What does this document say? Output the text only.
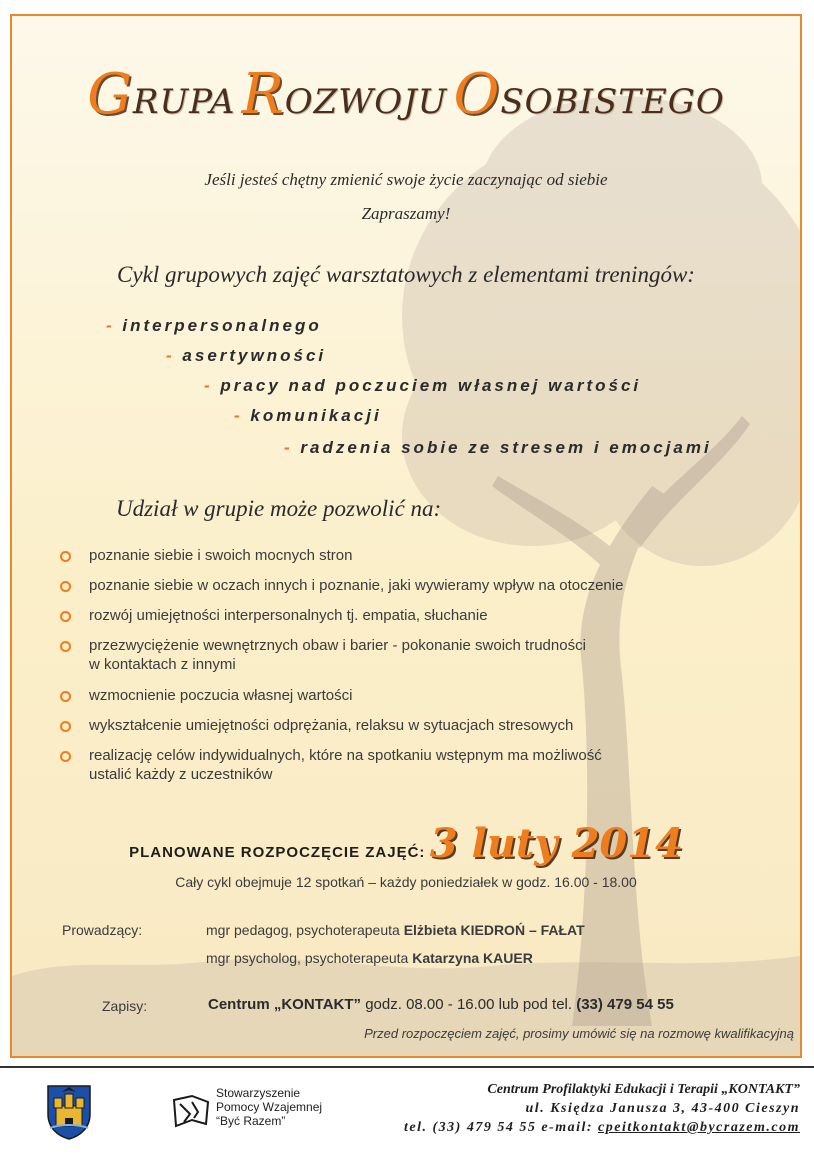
GRUPA ROZWOJU OSOBISTEGO
Jeśli jesteś chętny zmienić swoje życie zaczynając od siebie
Zapraszamy!
Cykl grupowych zajęć warsztatowych z elementami treningów:
- interpersonalnego
- asertywności
- pracy nad poczuciem własnej wartości
- komunikacji
- radzenia sobie ze stresem i emocjami
Udział w grupie może pozwolić na:
poznanie siebie i swoich mocnych stron
poznanie siebie w oczach innych i poznanie, jaki wywieramy wpływ na otoczenie
rozwój umiejętności interpersonalnych tj. empatia, słuchanie
przezwyciężenie wewnętrznych obaw i barier - pokonanie swoich trudności
w kontaktach z innymi
wzmocnienie poczucia własnej wartości
wykształcenie umiejętności odprężania, relaksu w sytuacjach stresowych
realizację celów indywidualnych, które na spotkaniu wstępnym ma możliwość
ustalić każdy z uczestników
PLANOWANE ROZPOCZĘCIE ZAJĘĆ: 3 luty 2014
Cały cykl obejmuje 12 spotkań – każdy poniedziałek w godz. 16.00 - 18.00
Prowadzący:	mgr pedagog, psychoterapeuta Elżbieta KIEDROŃ – FAŁAT
mgr psycholog, psychoterapeuta Katarzyna KAUER
Zapisy:	Centrum „KONTAKT” godz. 08.00 - 16.00 lub pod tel. (33) 479 54 55
Przed rozpoczęciem zajęć, prosimy umówić się na rozmowę kwalifikacyjną
Stowarzyszenie
Pomocy Wzajemnej
“Być Razem”
Centrum Profilaktyki Edukacji i Terapii „KONTAKT”
ul. Księdza Janusza 3, 43-400 Cieszyn
tel. (33) 479 54 55 e-mail: cpeitkontakt@bycrazem.com
